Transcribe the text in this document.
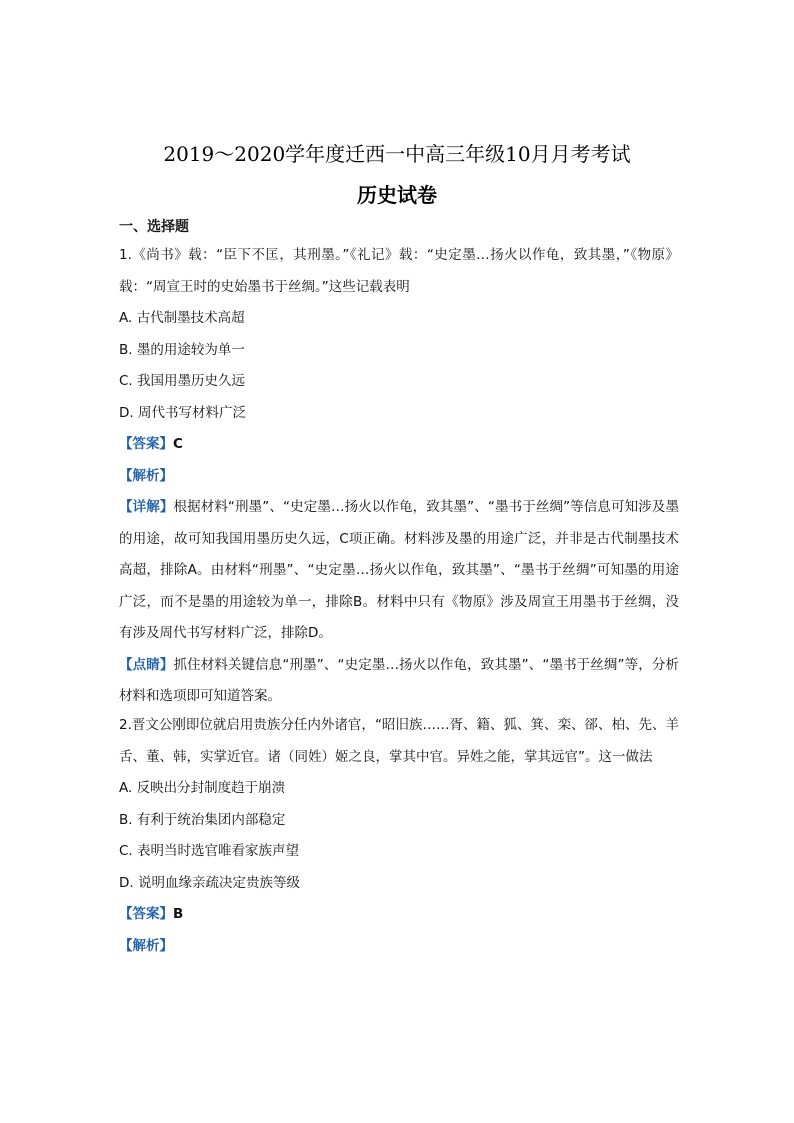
2019～2020学年度迁西一中高三年级10月月考考试
历史试卷
一、选择题
1.《尚书》载：“臣下不匡，其刑墨。”《礼记》载：“史定墨…扬火以作龟，致其墨，”《物原》载：“周宣王时的史始墨书于丝绸。”这些记载表明
A. 古代制墨技术高超
B. 墨的用途较为单一
C. 我国用墨历史久远
D. 周代书写材料广泛
【答案】C
【解析】
【详解】根据材料“刑墨”、“史定墨…扬火以作龟，致其墨”、“墨书于丝绸”等信息可知涉及墨的用途，故可知我国用墨历史久远，C项正确。材料涉及墨的用途广泛，并非是古代制墨技术高超，排除A。由材料“刑墨”、“史定墨…扬火以作龟，致其墨”、“墨书于丝绸”可知墨的用途广泛，而不是墨的用途较为单一，排除B。材料中只有《物原》涉及周宣王用墨书于丝绸，没有涉及周代书写材料广泛，排除D。
【点睛】抓住材料关键信息“刑墨”、“史定墨…扬火以作龟，致其墨”、“墨书于丝绸”等，分析材料和选项即可知道答案。
2.晋文公刚即位就启用贵族分任内外诸官，“昭旧族……胥、籍、狐、箕、栾、郤、柏、先、羊舌、董、韩，实掌近官。诸（同姓）姬之良，掌其中官。异姓之能，掌其远官”。这一做法
A. 反映出分封制度趋于崩溃
B. 有利于统治集团内部稳定
C. 表明当时选官唯看家族声望
D. 说明血缘亲疏决定贵族等级
【答案】B
【解析】
